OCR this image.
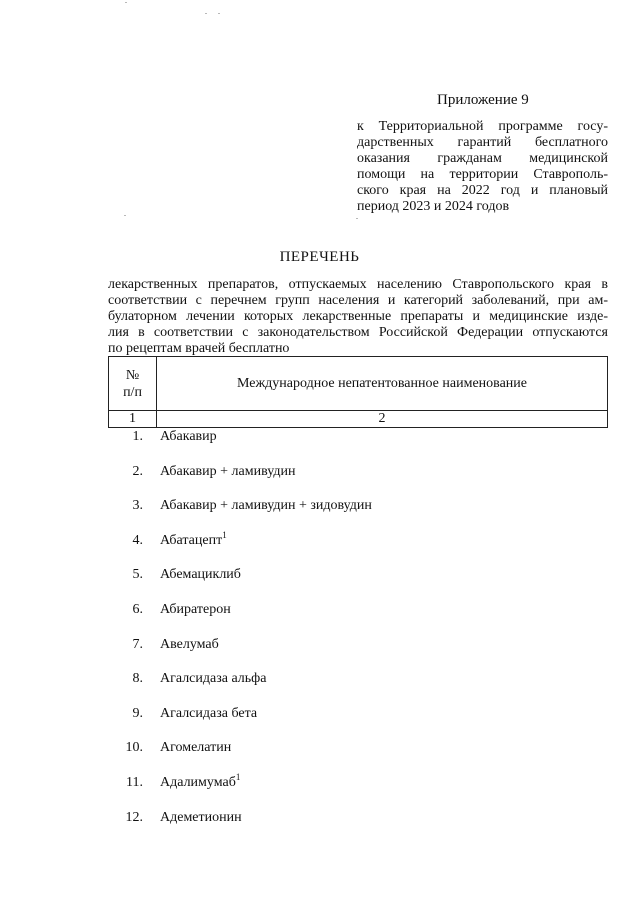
Приложение 9
к Территориальной программе госу-
дарственных гарантий бесплатного
оказания гражданам медицинской
помощи на территории Ставрополь-
ского края на 2022 год и плановый
период 2023 и 2024 годов
ПЕРЕЧЕНЬ
лекарственных препаратов, отпускаемых населению Ставропольского края в
соответствии с перечнем групп населения и категорий заболеваний, при ам-
булаторном лечении которых лекарственные препараты и медицинские изде-
лия в соответствии с законодательством Российской Федерации отпускаются
по рецептам врачей бесплатно
№
п/п	Международное непатентованное наименование
1	2
1. Абакавир
2. Абакавир + ламивудин
3. Абакавир + ламивудин + зидовудин
4. Абатацепт$^1$
5. Абемациклиб
6. Абиратерон
7. Авелумаб
8. Агалсидаза альфа
9. Агалсидаза бета
10. Агомелатин
11. Адалимумаб$^1$
12. Адеметионин
